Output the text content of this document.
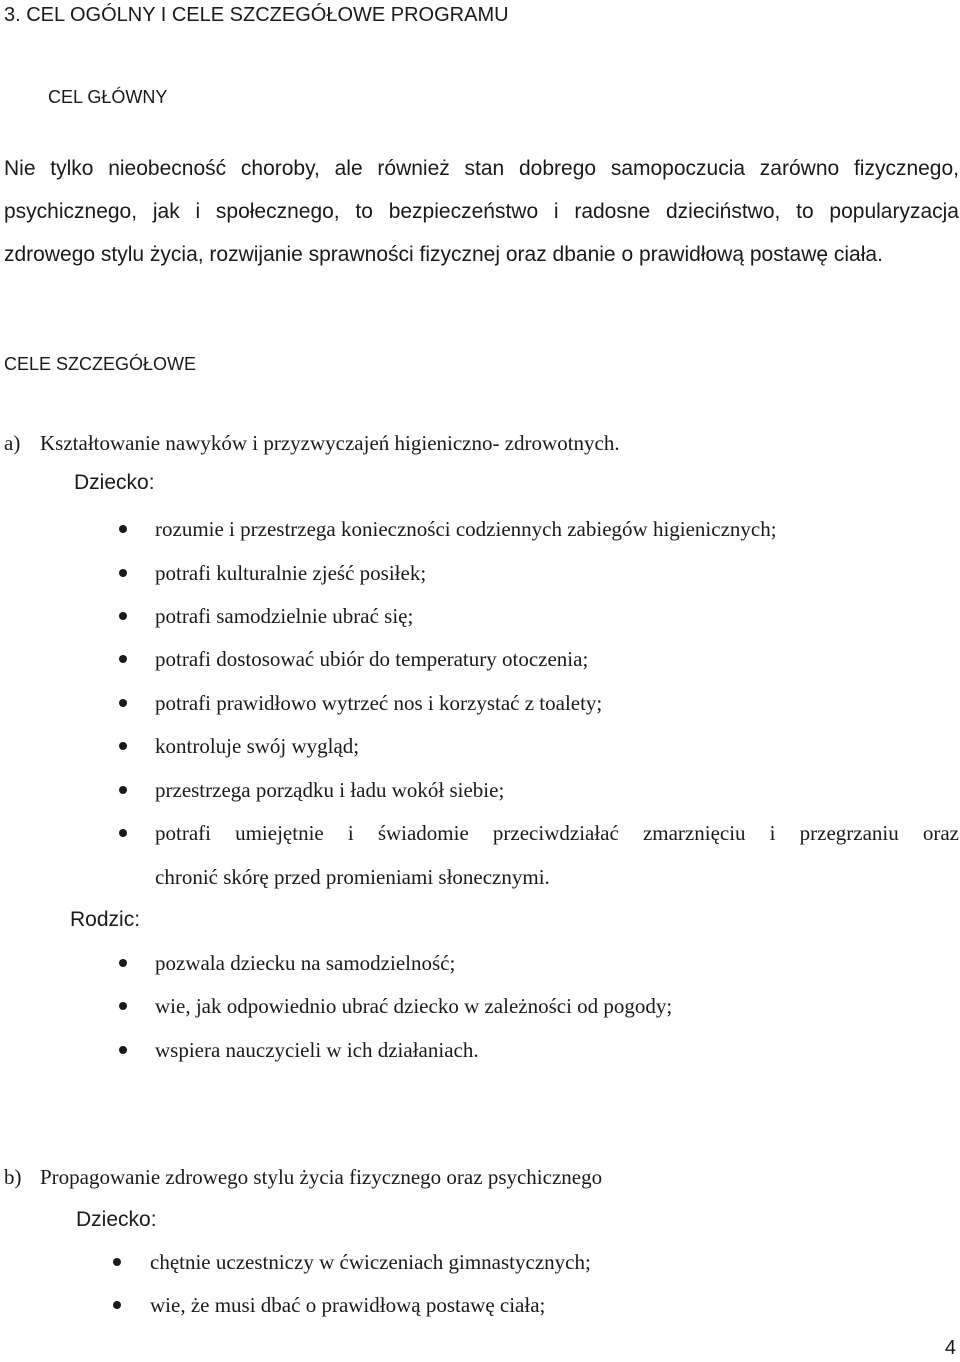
3. CEL OGÓLNY I CELE SZCZEGÓŁOWE PROGRAMU
CEL GŁÓWNY
Nie tylko nieobecność choroby, ale również stan dobrego samopoczucia zarówno fizycznego,
psychicznego, jak i społecznego, to bezpieczeństwo i radosne dzieciństwo, to popularyzacja
zdrowego stylu życia, rozwijanie sprawności fizycznej oraz dbanie o prawidłową postawę ciała.
CELE SZCZEGÓŁOWE
a) Kształtowanie nawyków i przyzwyczajeń higieniczno- zdrowotnych.
Dziecko:
rozumie i przestrzega konieczności codziennych zabiegów higienicznych;
potrafi kulturalnie zjeść posiłek;
potrafi samodzielnie ubrać się;
potrafi dostosować ubiór do temperatury otoczenia;
potrafi prawidłowo wytrzeć nos i korzystać z toalety;
kontroluje swój wygląd;
przestrzega porządku i ładu wokół siebie;
potrafi umiejętnie i świadomie przeciwdziałać zmarznięciu i przegrzaniu oraz
chronić skórę przed promieniami słonecznymi.
Rodzic:
pozwala dziecku na samodzielność;
wie, jak odpowiednio ubrać dziecko w zależności od pogody;
wspiera nauczycieli w ich działaniach.
b) Propagowanie zdrowego stylu życia fizycznego oraz psychicznego
Dziecko:
chętnie uczestniczy w ćwiczeniach gimnastycznych;
wie, że musi dbać o prawidłową postawę ciała;
4
